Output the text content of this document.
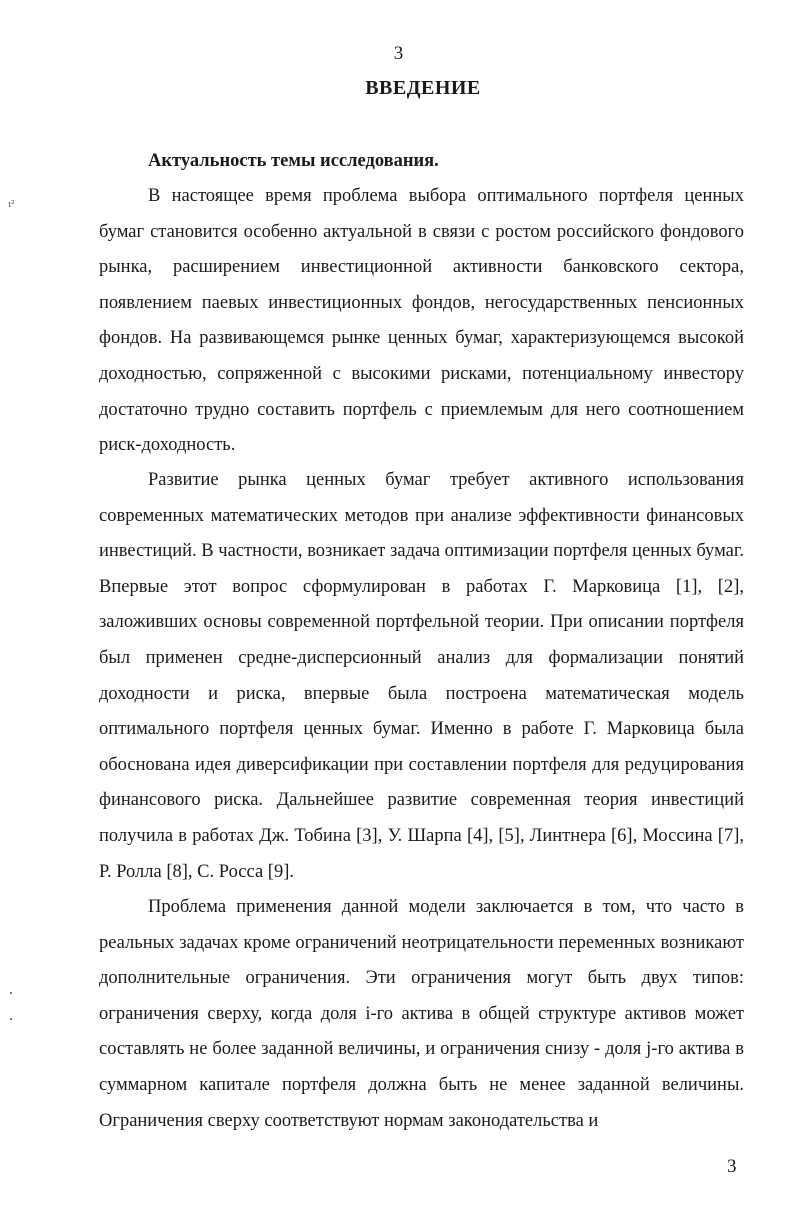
3
ВВЕДЕНИЕ
ι²
Актуальность темы исследования.

В настоящее время проблема выбора оптимального портфеля ценных бумаг становится особенно актуальной в связи с ростом российского фондового рынка, расширением инвестиционной активности банковского сектора, появлением паевых инвестиционных фондов, негосударственных пенсионных фондов. На развивающемся рынке ценных бумаг, характеризующемся высокой доходностью, сопряженной с высокими рисками, потенциальному инвестору достаточно трудно составить портфель с приемлемым для него соотношением риск-доходность.

Развитие рынка ценных бумаг требует активного использования современных математических методов при анализе эффективности финансовых инвестиций. В частности, возникает задача оптимизации портфеля ценных бумаг. Впервые этот вопрос сформулирован в работах Г. Марковица [1], [2], заложивших основы современной портфельной теории. При описании портфеля был применен средне-дисперсионный анализ для формализации понятий доходности и риска, впервые была построена математическая модель оптимального портфеля ценных бумаг. Именно в работе Г. Марковица была обоснована идея диверсификации при составлении портфеля для редуцирования финансового риска. Дальнейшее развитие современная теория инвестиций получила в работах Дж. Тобина [3], У. Шарпа [4], [5], Линтнера [6], Моссина [7], Р. Ролла [8], С. Росса [9].

Проблема применения данной модели заключается в том, что часто в реальных задачах кроме ограничений неотрицательности переменных возникают дополнительные ограничения. Эти ограничения могут быть двух типов: ограничения сверху, когда доля i-го актива в общей структуре активов может составлять не более заданной величины, и ограничения снизу - доля j-го актива в суммарном капитале портфеля должна быть не менее заданной величины. Ограничения сверху соответствуют нормам законодательства и

3
